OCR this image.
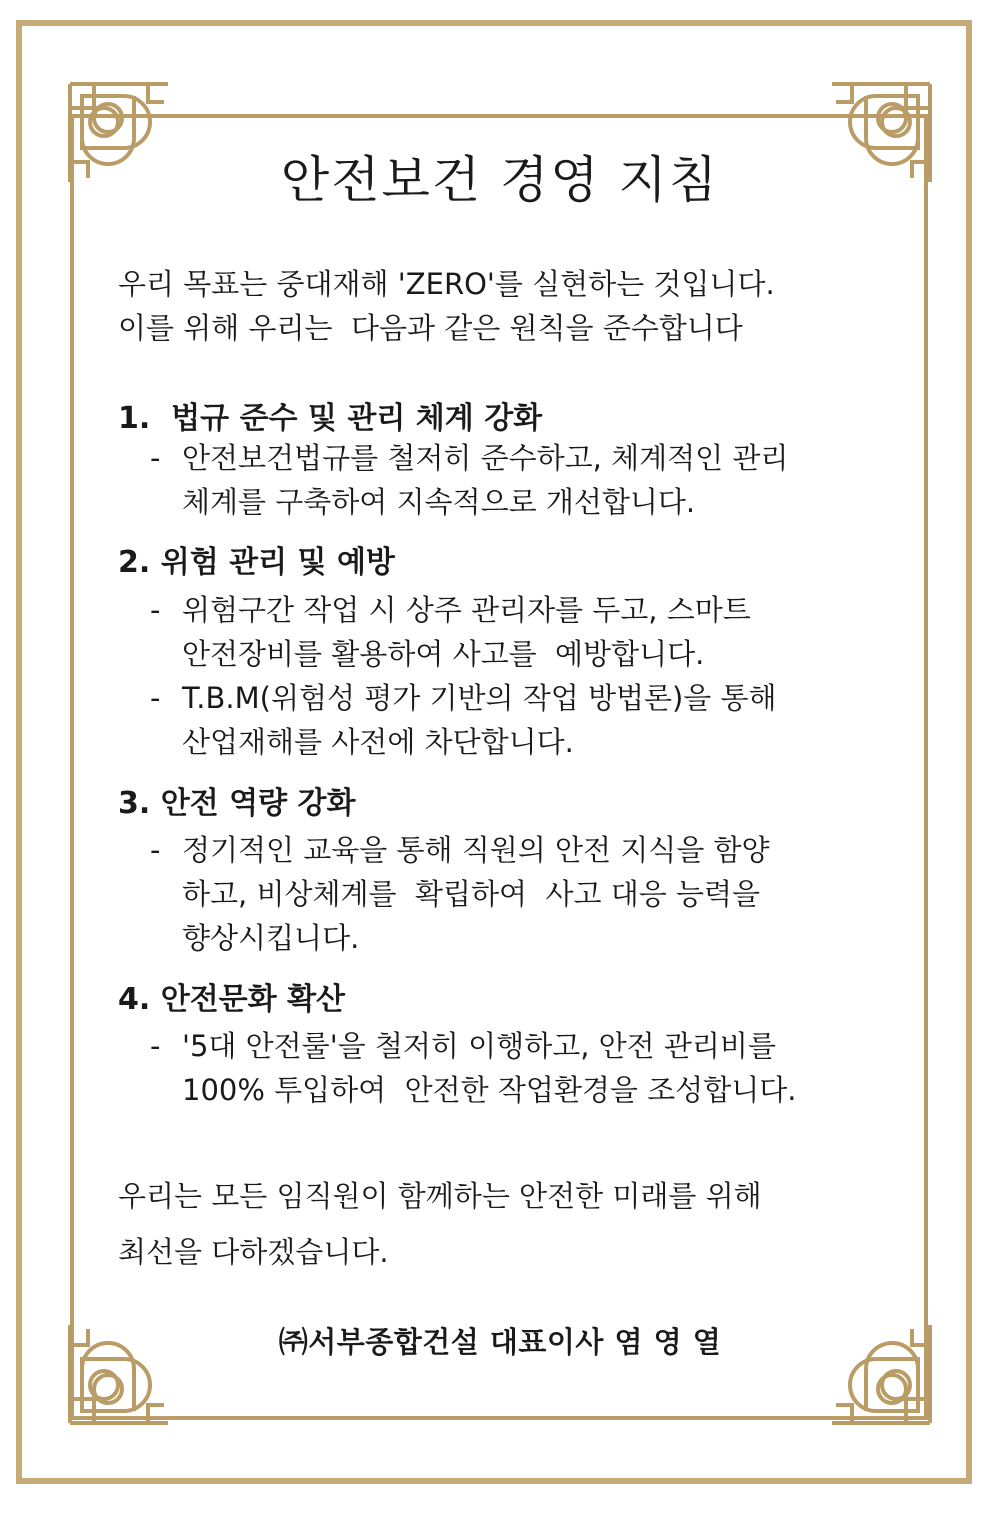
안전보건 경영 지침
우리 목표는 중대재해 'ZERO'를 실현하는 것입니다.
이를 위해 우리는  다음과 같은 원칙을 준수합니다
1.  법규 준수 및 관리 체계 강화
- 안전보건법규를 철저히 준수하고, 체계적인 관리
체계를 구축하여 지속적으로 개선합니다.
2. 위험 관리 및 예방
- 위험구간 작업 시 상주 관리자를 두고, 스마트
안전장비를 활용하여 사고를  예방합니다.
- T.B.M(위험성 평가 기반의 작업 방법론)을 통해
산업재해를 사전에 차단합니다.
3. 안전 역량 강화
- 정기적인 교육을 통해 직원의 안전 지식을 함양
하고, 비상체계를  확립하여  사고 대응 능력을
향상시킵니다.
4. 안전문화 확산
- '5대 안전룰'을 철저히 이행하고, 안전 관리비를
100% 투입하여  안전한 작업환경을 조성합니다.
우리는 모든 임직원이 함께하는 안전한 미래를 위해
최선을 다하겠습니다.
㈜서부종합건설 대표이사 염 영 열
